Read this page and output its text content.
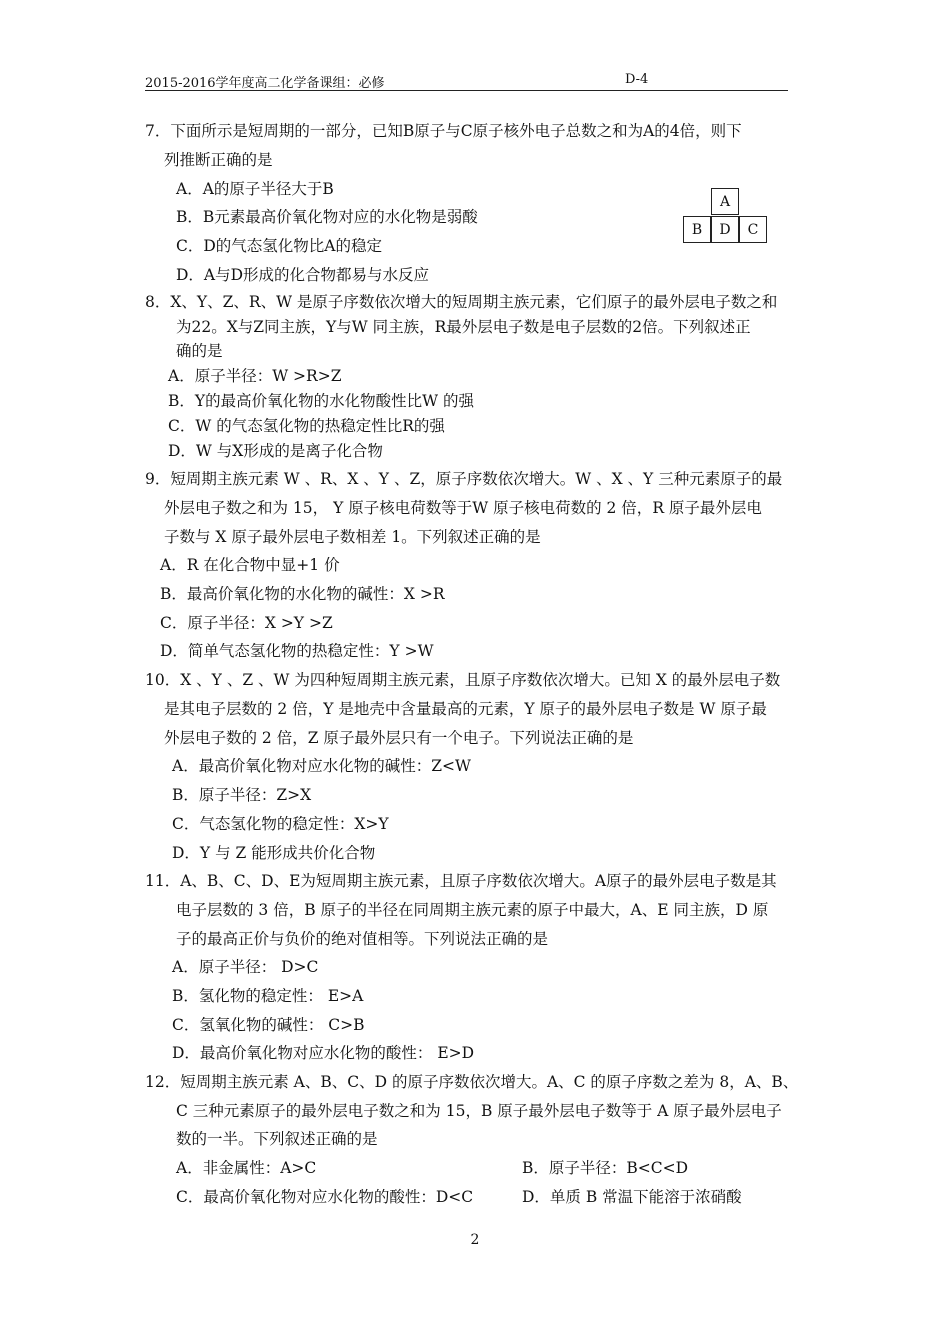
2015-2016学年度高二化学备课组：必修	D-4
7．下面所示是短周期的一部分，已知B原子与C原子核外电子总数之和为A的4倍，则下
列推断正确的是
A．A的原子半径大于B
B．B元素最高价氧化物对应的水化物是弱酸
C．D的气态氢化物比A的稳定
D．A与D形成的化合物都易与水反应
A
B	D	C
8．X、Y、Z、R、W 是原子序数依次增大的短周期主族元素，它们原子的最外层电子数之和
为22。X与Z同主族，Y与W 同主族，R最外层电子数是电子层数的2倍。下列叙述正
确的是
A．原子半径：W >R>Z
B．Y的最高价氧化物的水化物酸性比W 的强
C．W 的气态氢化物的热稳定性比R的强
D．W 与X形成的是离子化合物
9．短周期主族元素 W 、R、X 、Y 、Z，原子序数依次增大。W 、X 、Y 三种元素原子的最
外层电子数之和为 15， Y 原子核电荷数等于W 原子核电荷数的 2 倍，R 原子最外层电
子数与 X 原子最外层电子数相差 1。下列叙述正确的是
A．R 在化合物中显+1 价
B．最高价氧化物的水化物的碱性：X >R
C．原子半径：X >Y >Z
D．简单气态氢化物的热稳定性：Y >W
10．X 、Y 、Z 、W 为四种短周期主族元素，且原子序数依次增大。已知 X 的最外层电子数
是其电子层数的 2 倍，Y 是地壳中含量最高的元素，Y 原子的最外层电子数是 W 原子最
外层电子数的 2 倍，Z 原子最外层只有一个电子。下列说法正确的是
A．最高价氧化物对应水化物的碱性：Z<W
B．原子半径：Z>X
C．气态氢化物的稳定性：X>Y
D．Y 与 Z 能形成共价化合物
11．A、B、C、D、E为短周期主族元素，且原子序数依次增大。A原子的最外层电子数是其
电子层数的 3 倍，B 原子的半径在同周期主族元素的原子中最大，A、E 同主族，D 原
子的最高正价与负价的绝对值相等。下列说法正确的是
A．原子半径： D>C
B．氢化物的稳定性： E>A
C．氢氧化物的碱性： C>B
D．最高价氧化物对应水化物的酸性： E>D
12．短周期主族元素 A、B、C、D 的原子序数依次增大。A、C 的原子序数之差为 8，A、B、
C 三种元素原子的最外层电子数之和为 15，B 原子最外层电子数等于 A 原子最外层电子
数的一半。下列叙述正确的是
A．非金属性：A>C	B．原子半径：B<C<D
C．最高价氧化物对应水化物的酸性：D<C	D．单质 B 常温下能溶于浓硝酸
2
